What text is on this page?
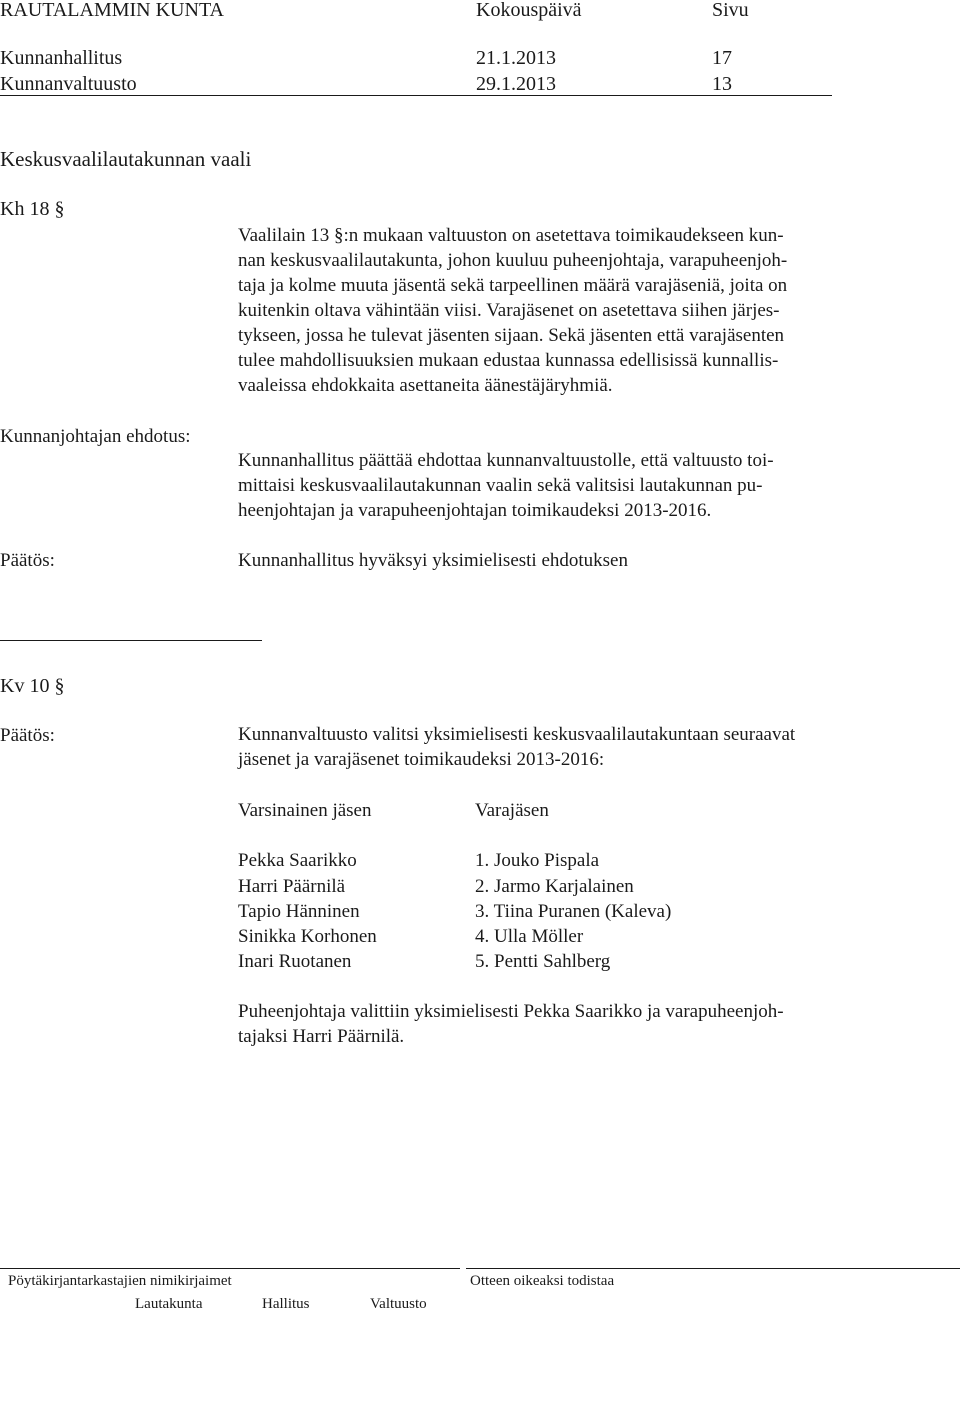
RAUTALAMMIN KUNTA	Kokouspäivä	Sivu
Kunnanhallitus	21.1.2013	17
Kunnanvaltuusto	29.1.2013	13
Keskusvaalilautakunnan vaali
Kh 18 §
Vaalilain 13 §:n mukaan valtuuston on asetettava toimikaudekseen kun-
nan keskusvaalilautakunta, johon kuuluu puheenjohtaja, varapuheenjoh-
taja ja kolme muuta jäsentä sekä tarpeellinen määrä varajäseniä, joita on
kuitenkin oltava vähintään viisi. Varajäsenet on asetettava siihen järjes-
tykseen, jossa he tulevat jäsenten sijaan. Sekä jäsenten että varajäsenten
tulee mahdollisuuksien mukaan edustaa kunnassa edellisissä kunnallis-
vaaleissa ehdokkaita asettaneita äänestäjäryhmiä.
Kunnanjohtajan ehdotus:
Kunnanhallitus päättää ehdottaa kunnanvaltuustolle, että valtuusto toi-
mittaisi keskusvaalilautakunnan vaalin sekä valitsisi lautakunnan pu-
heenjohtajan ja varapuheenjohtajan toimikaudeksi 2013-2016.
Päätös:	Kunnanhallitus hyväksyi yksimielisesti ehdotuksen
Kv 10 §
Päätös:	Kunnanvaltuusto valitsi yksimielisesti keskusvaalilautakuntaan seuraavat
jäsenet ja varajäsenet toimikaudeksi 2013-2016:
Varsinainen jäsen	Varajäsen
Pekka Saarikko	1. Jouko Pispala
Harri Päärnilä	2. Jarmo Karjalainen
Tapio Hänninen	3. Tiina Puranen (Kaleva)
Sinikka Korhonen	4. Ulla Möller
Inari Ruotanen	5. Pentti Sahlberg
Puheenjohtaja valittiin yksimielisesti Pekka Saarikko ja varapuheenjoh-
tajaksi Harri Päärnilä.
Pöytäkirjantarkastajien nimikirjaimet	Otteen oikeaksi todistaa
Lautakunta	Hallitus	Valtuusto
